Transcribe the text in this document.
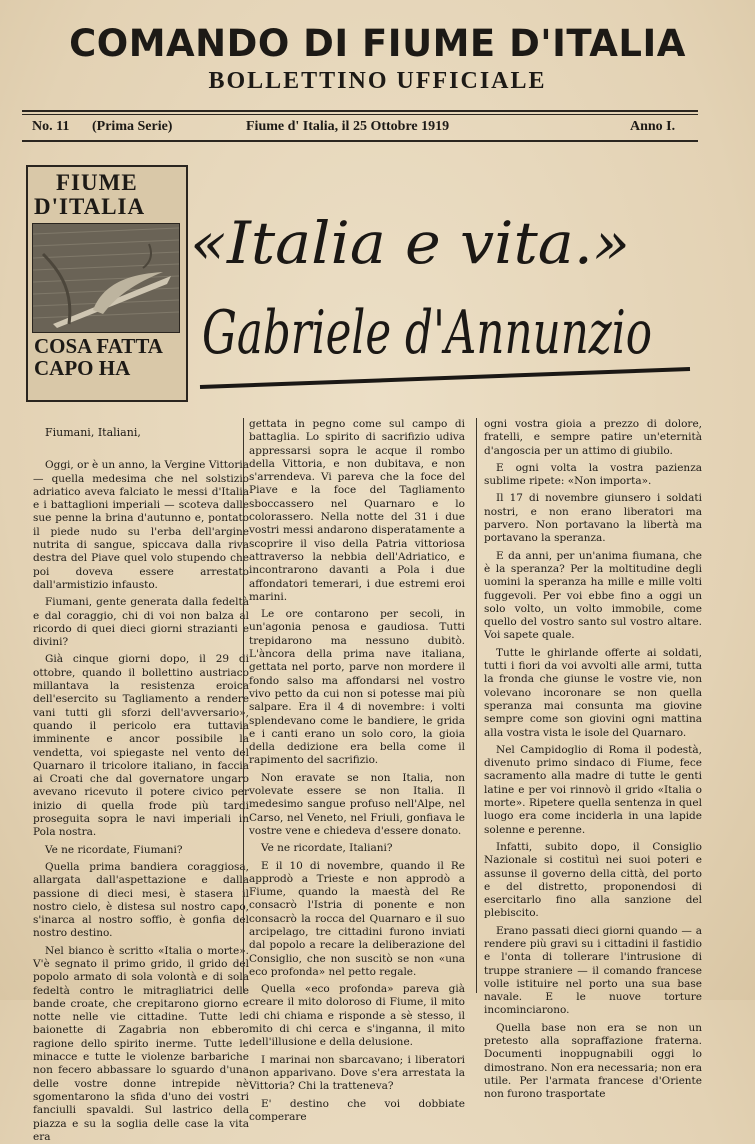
COMANDO DI FIUME D'ITALIA
BOLLETTINO UFFICIALE
No. 11 (Prima Serie)	Fiume d' Italia, il 25 Ottobre 1919	Anno I.
FIUME
D'ITALIA
COSA FATTA
CAPO HA
«Italia e vita.»
Gabriele d'Annunzio

Fiumani, Italiani,

Oggi, or è un anno, la Vergine Vittoria — quella medesima che nel solstizio adriatico aveva falciato le messi d'Italia e i battaglioni imperiali — scoteva dalle sue penne la brina d'autunno e, pontato il piede nudo su l'erba dell'argine nutrita di sangue, spiccava dalla riva destra del Piave quel volo stupendo che poi doveva essere arrestato dall'armistizio infausto.

Fiumani, gente generata dalla fedeltà e dal coraggio, chi di voi non balza al ricordo di quei dieci giorni strazianti e divini?

Già cinque giorni dopo, il 29 di ottobre, quando il bollettino austriaco millantava la resistenza eroica dell'esercito su Tagliamento a rendere vani tutti gli sforzi dell'avversario», quando il pericolo era tuttavia imminente e ancor possibile la vendetta, voi spiegaste nel vento del Quarnaro il tricolore italiano, in faccia ai Croati che dal governatore ungaro avevano ricevuto il potere civico per inizio di quella frode più tardi proseguita sopra le navi imperiali in Pola nostra.

Ve ne ricordate, Fiumani?

Quella prima bandiera coraggiosa, allargata dall'aspettazione e dalla passione di dieci mesi, è stasera il nostro cielo, è distesa sul nostro capo, s'inarca al nostro soffio, è gonfia del nostro destino.

Nel bianco è scritto «Italia o morte». V'è segnato il primo grido, il grido del popolo armato di sola volontà e di sola fedeltà contro le mitragliatrici delle bande croate, che crepitarono giorno e notte nelle vie cittadine. Tutte le baionette di Zagabria non ebbero ragione dello spirito inerme. Tutte le minacce e tutte le violenze barbariche non fecero abbassare lo sguardo d'una delle vostre donne intrepide nè sgomentarono la sfida d'uno dei vostri fanciulli spavaldi. Sul lastrico della piazza e su la soglia delle case la vita era

gettata in pegno come sul campo di battaglia. Lo spirito di sacrifizio udiva appressarsi sopra le acque il rombo della Vittoria, e non dubitava, e non s'arrendeva. Vi pareva che la foce del Piave e la foce del Tagliamento sboccassero nel Quarnaro e lo colorassero. Nella notte del 31 i due vostri messi andarono disperatamente a scoprire il viso della Patria vittoriosa attraverso la nebbia dell'Adriatico, e incontrarono davanti a Pola i due affondatori temerari, i due estremi eroi marini.

Le ore contarono per secoli, in un'agonia penosa e gaudiosa. Tutti trepidarono ma nessuno dubitò. L'àncora della prima nave italiana, gettata nel porto, parve non mordere il fondo salso ma affondarsi nel vostro vivo petto da cui non si potesse mai più salpare. Era il 4 di novembre: i volti splendevano come le bandiere, le grida e i canti erano un solo coro, la gioia della dedizione era bella come il rapimento del sacrifizio.

Non eravate se non Italia, non volevate essere se non Italia. Il medesimo sangue profuso nell'Alpe, nel Carso, nel Veneto, nel Friuli, gonfiava le vostre vene e chiedeva d'essere donato.

Ve ne ricordate, Italiani?

E il 10 di novembre, quando il Re approdò a Trieste e non approdò a Fiume, quando la maestà del Re consacrò l'Istria di ponente e non consacrò la rocca del Quarnaro e il suo arcipelago, tre cittadini furono inviati dal popolo a recare la deliberazione del Consiglio, che non suscitò se non «una eco profonda» nel petto regale.

Quella «eco profonda» pareva già creare il mito doloroso di Fiume, il mito di chi chiama e risponde a sè stesso, il mito di chi cerca e s'inganna, il mito dell'illusione e della delusione.

I marinai non sbarcavano; i liberatori non apparivano. Dove s'era arrestata la Vittoria? Chi la tratteneva?

E' destino che voi dobbiate comperare

ogni vostra gioia a prezzo di dolore, fratelli, e sempre patire un'eternità d'angoscia per un attimo di giubilo.

E ogni volta la vostra pazienza sublime ripete: «Non importa».

Il 17 di novembre giunsero i soldati nostri, e non erano liberatori ma parvero. Non portavano la libertà ma portavano la speranza.

E da anni, per un'anima fiumana, che è la speranza? Per la moltitudine degli uomini la speranza ha mille e mille volti fuggevoli. Per voi ebbe fino a oggi un solo volto, un volto immobile, come quello del vostro santo sul vostro altare. Voi sapete quale.

Tutte le ghirlande offerte ai soldati, tutti i fiori da voi avvolti alle armi, tutta la fronda che giunse le vostre vie, non volevano incoronare se non quella speranza mai consunta ma giovine sempre come son giovini ogni mattina alla vostra vista le isole del Quarnaro.

Nel Campidoglio di Roma il podestà, divenuto primo sindaco di Fiume, fece sacramento alla madre di tutte le genti latine e per voi rinnovò il grido «Italia o morte». Ripetere quella sentenza in quel luogo era come inciderla in una lapide solenne e perenne.

Infatti, subito dopo, il Consiglio Nazionale si costituì nei suoi poteri e assunse il governo della città, del porto e del distretto, proponendosi di esercitarlo fino alla sanzione del plebiscito.

Erano passati dieci giorni quando — a rendere più gravi su i cittadini il fastidio e l'onta di tollerare l'intrusione di truppe straniere — il comando francese volle istituire nel porto una sua base navale. E le nuove torture incominciarono.

Quella base non era se non un pretesto alla sopraffazione fraterna. Documenti inoppugnabili oggi lo dimostrano. Non era necessaria; non era utile. Per l'armata francese d'Oriente non furono trasportate
